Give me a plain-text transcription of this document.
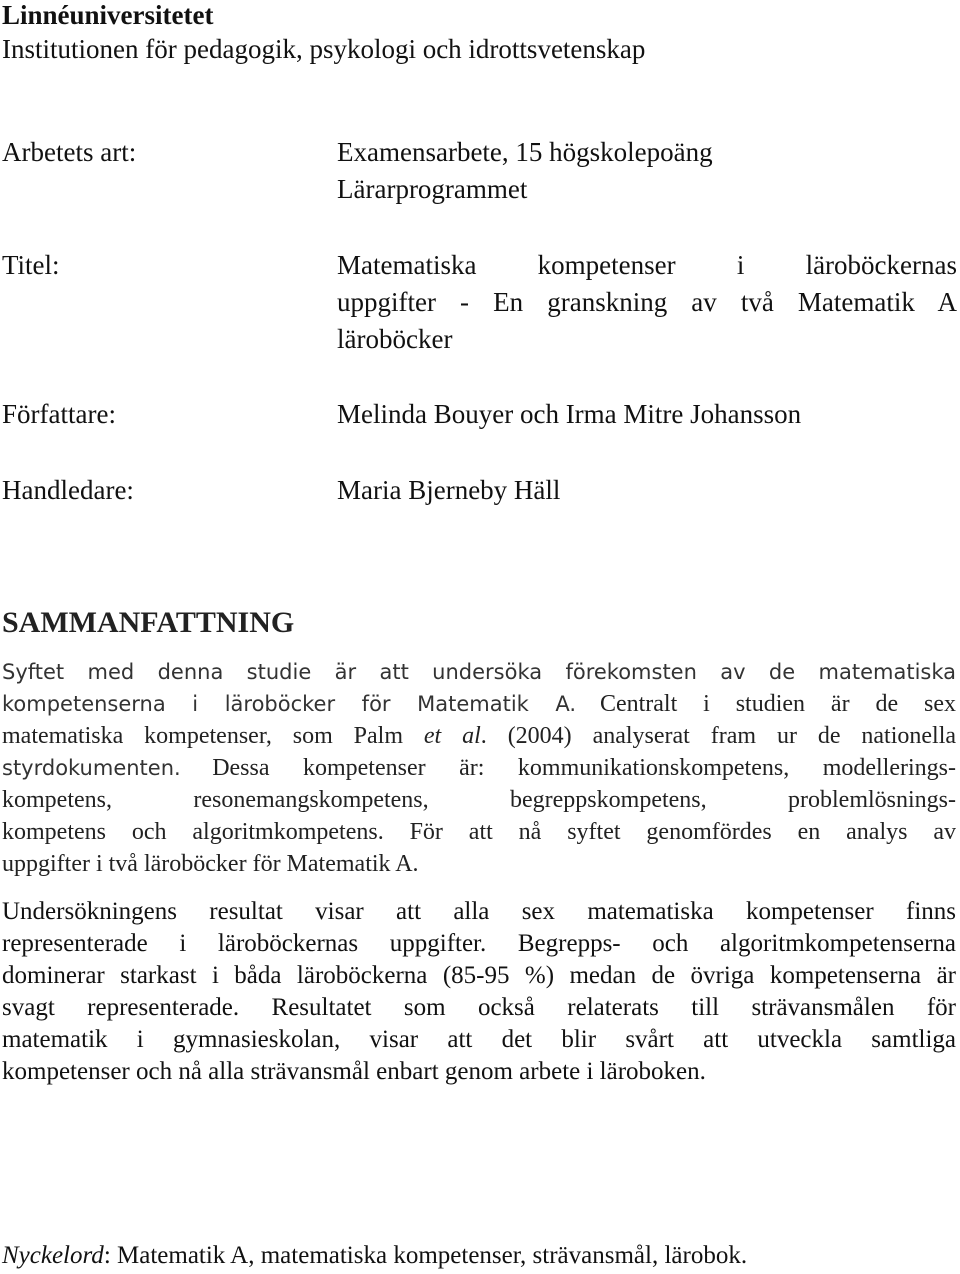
Linnéuniversitetet

Institutionen för pedagogik, psykologi och idrottsvetenskap

Arbetets art:	Examensarbete, 15 högskolepoäng
Lärarprogrammet
Titel:	Matematiska kompetenser i läroböckernas
uppgifter - En granskning av två Matematik A
läroböcker
Författare:	Melinda Bouyer och Irma Mitre Johansson
Handledare:	Maria Bjerneby Häll
SAMMANFATTNING
Syftet med denna studie är att undersöka förekomsten av de matematiska
kompetenserna i läroböcker för Matematik A. Centralt i studien är de sex
matematiska kompetenser, som Palm et al. (2004) analyserat fram ur de nationella
styrdokumenten. Dessa kompetenser är: kommunikationskompetens, modellerings-
kompetens, resonemangskompetens, begreppskompetens, problemlösnings-
kompetens och algoritmkompetens. För att nå syftet genomfördes en analys av
uppgifter i två läroböcker för Matematik A.
Undersökningens resultat visar att alla sex matematiska kompetenser finns
representerade i läroböckernas uppgifter. Begrepps- och algoritmkompetenserna
dominerar starkast i båda läroböckerna (85-95 %) medan de övriga kompetenserna är
svagt representerade. Resultatet som också relaterats till strävansmålen för
matematik i gymnasieskolan, visar att det blir svårt att utveckla samtliga
kompetenser och nå alla strävansmål enbart genom arbete i läroboken.

Nyckelord: Matematik A, matematiska kompetenser, strävansmål, lärobok.
